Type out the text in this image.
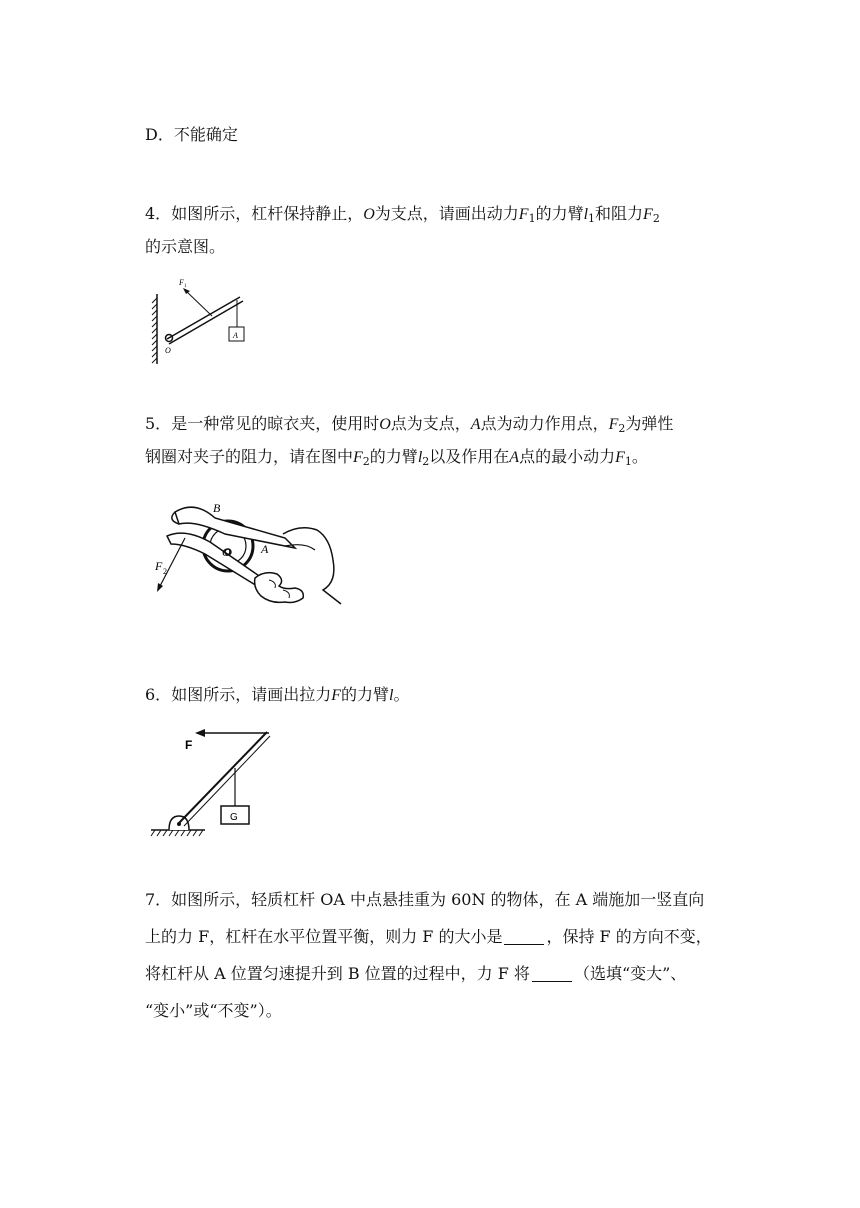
D．不能确定
4．如图所示，杠杆保持静止，O为支点，请画出动力$F_1$的力臂$l_1$和阻力$F_2$
的示意图。
F 1
O
A
5．是一种常见的晾衣夹，使用时O点为支点，A点为动力作用点，$F_2$为弹性
钢圈对夹子的阻力，请在图中$F_2$的力臂$l_2$以及作用在A点的最小动力$F_1$。
B
O	A
F 2
6．如图所示，请画出拉力F的力臂l。
F
G
7．如图所示，轻质杠杆 OA 中点悬挂重为 60N 的物体，在 A 端施加一竖直向
上的力 F，杠杆在水平位置平衡，则力 F 的大小是	，保持 F 的方向不变，
将杠杆从 A 位置匀速提升到 B 位置的过程中，力 F 将	（选填“变大”、
“变小”或“不变”）。
